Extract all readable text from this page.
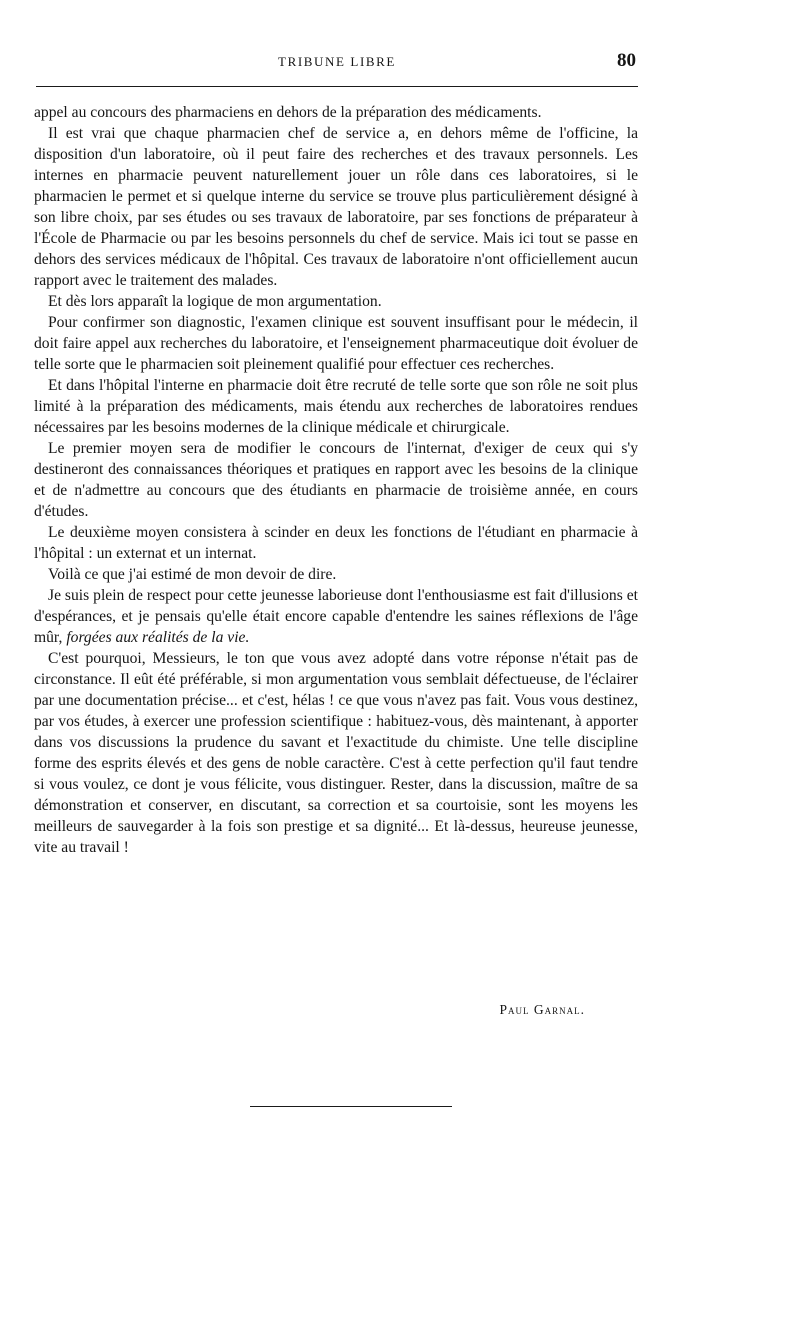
TRIBUNE LIBRE	80

appel au concours des pharmaciens en dehors de la préparation des médicaments.

Il est vrai que chaque pharmacien chef de service a, en dehors même de l'officine, la disposition d'un laboratoire, où il peut faire des recherches et des travaux personnels. Les internes en pharmacie peuvent naturellement jouer un rôle dans ces laboratoires, si le pharmacien le permet et si quelque interne du service se trouve plus particulièrement désigné à son libre choix, par ses études ou ses travaux de laboratoire, par ses fonctions de préparateur à l'École de Pharmacie ou par les besoins personnels du chef de service. Mais ici tout se passe en dehors des services médicaux de l'hôpital. Ces travaux de laboratoire n'ont officiellement aucun rapport avec le traitement des malades.

Et dès lors apparaît la logique de mon argumentation.

Pour confirmer son diagnostic, l'examen clinique est souvent insuffisant pour le médecin, il doit faire appel aux recherches du laboratoire, et l'enseignement pharmaceutique doit évoluer de telle sorte que le pharmacien soit pleinement qualifié pour effectuer ces recherches.

Et dans l'hôpital l'interne en pharmacie doit être recruté de telle sorte que son rôle ne soit plus limité à la préparation des médicaments, mais étendu aux recherches de laboratoires rendues nécessaires par les besoins modernes de la clinique médicale et chirurgicale.

Le premier moyen sera de modifier le concours de l'internat, d'exiger de ceux qui s'y destineront des connaissances théoriques et pratiques en rapport avec les besoins de la clinique et de n'admettre au concours que des étudiants en pharmacie de troisième année, en cours d'études.

Le deuxième moyen consistera à scinder en deux les fonctions de l'étudiant en pharmacie à l'hôpital : un externat et un internat.

Voilà ce que j'ai estimé de mon devoir de dire.

Je suis plein de respect pour cette jeunesse laborieuse dont l'enthousiasme est fait d'illusions et d'espérances, et je pensais qu'elle était encore capable d'entendre les saines réflexions de l'âge mûr, forgées aux réalités de la vie.

C'est pourquoi, Messieurs, le ton que vous avez adopté dans votre réponse n'était pas de circonstance. Il eût été préférable, si mon argumentation vous semblait défectueuse, de l'éclairer par une documentation précise... et c'est, hélas ! ce que vous n'avez pas fait. Vous vous destinez, par vos études, à exercer une profession scientifique : habituez-vous, dès maintenant, à apporter dans vos discussions la prudence du savant et l'exactitude du chimiste. Une telle discipline forme des esprits élevés et des gens de noble caractère. C'est à cette perfection qu'il faut tendre si vous voulez, ce dont je vous félicite, vous distinguer. Rester, dans la discussion, maître de sa démonstration et conserver, en discutant, sa correction et sa courtoisie, sont les moyens les meilleurs de sauvegarder à la fois son prestige et sa dignité... Et là-dessus, heureuse jeunesse, vite au travail !

Paul Garnal.
